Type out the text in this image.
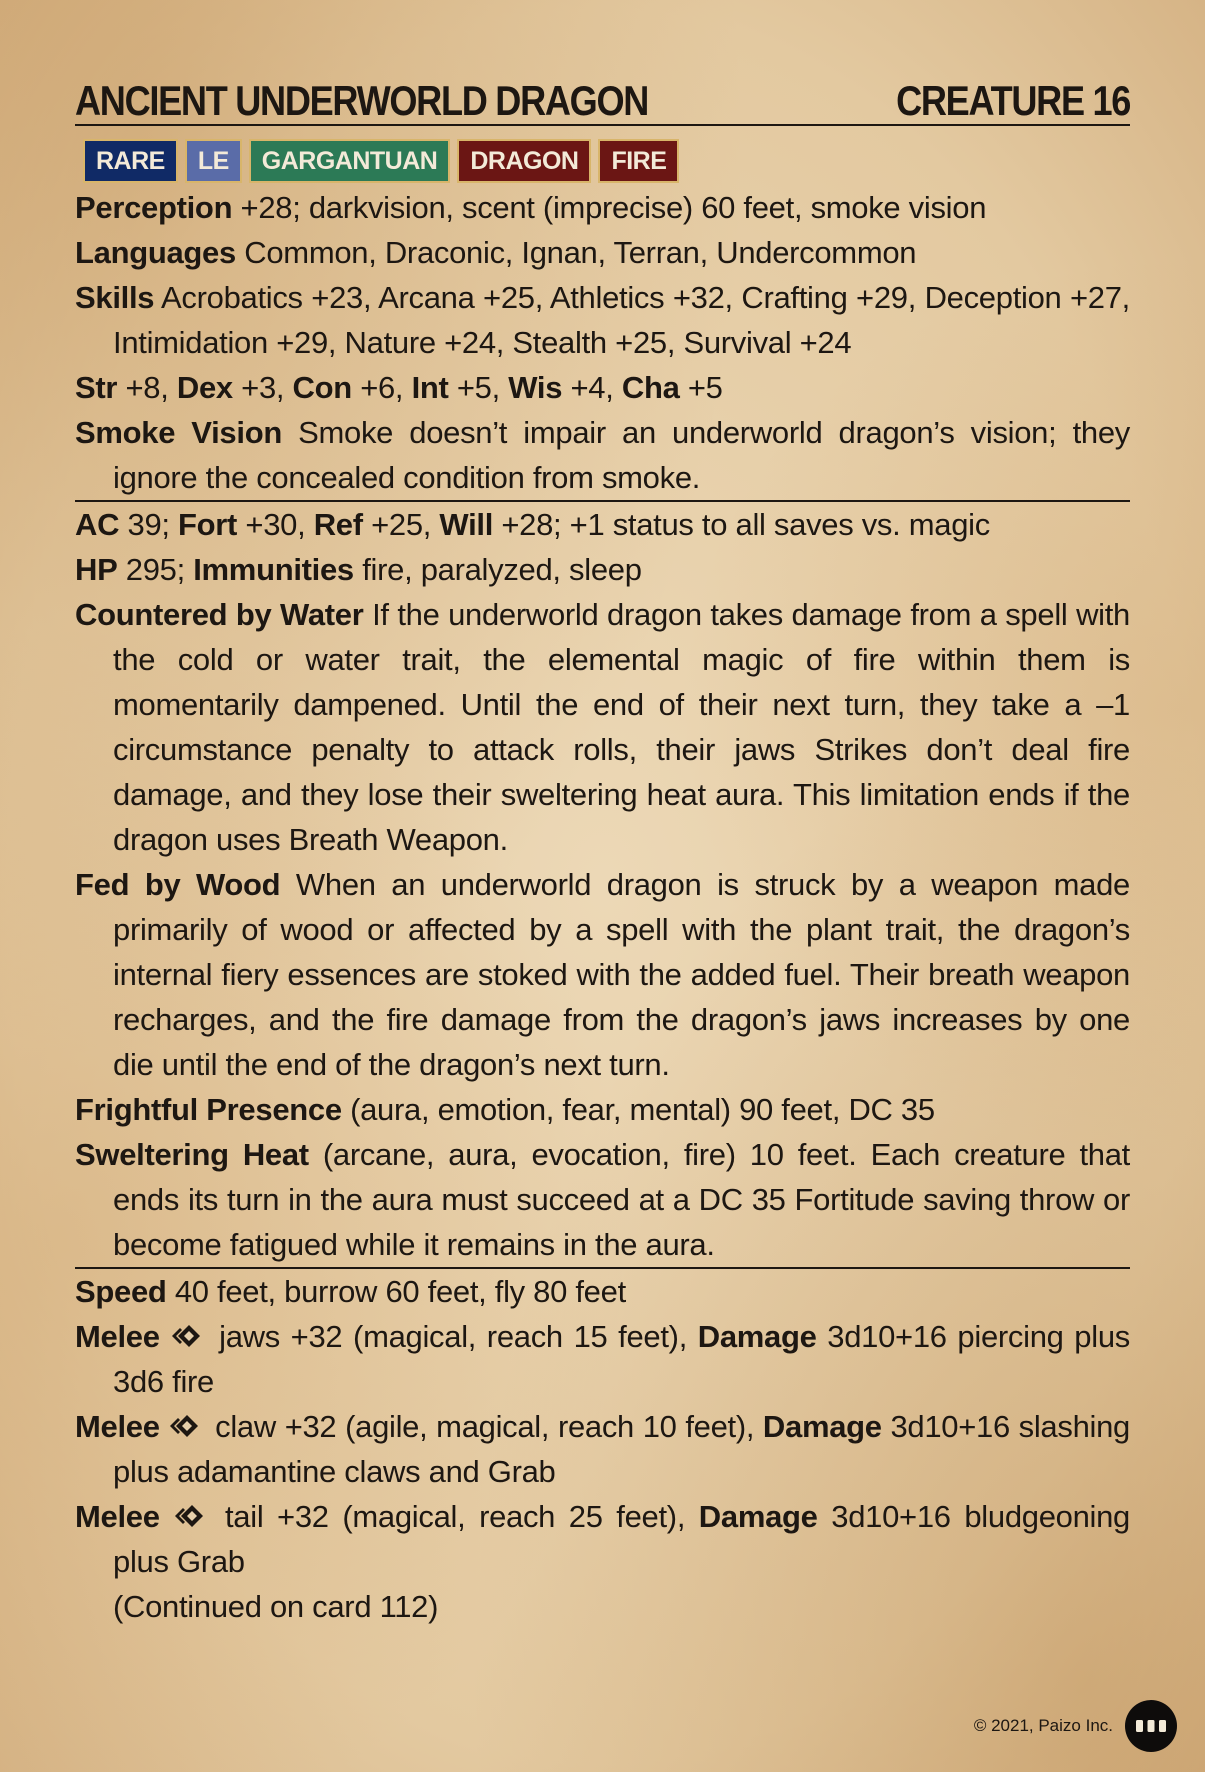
ANCIENT UNDERWORLD DRAGON	CREATURE 16
RARE	LE	GARGANTUAN	DRAGON	FIRE

Perception +28; darkvision, scent (imprecise) 60 feet, smoke vision

Languages Common, Draconic, Ignan, Terran, Undercommon

Skills Acrobatics +23, Arcana +25, Athletics +32, Crafting +29, Deception +27, Intimidation +29, Nature +24, Stealth +25, Survival +24

Str +8, Dex +3, Con +6, Int +5, Wis +4, Cha +5

Smoke Vision Smoke doesn’t impair an underworld dragon’s vision; they ignore the concealed condition from smoke.

AC 39; Fort +30, Ref +25, Will +28; +1 status to all saves vs. magic

HP 295; Immunities fire, paralyzed, sleep

Countered by Water If the underworld dragon takes damage from a spell with the cold or water trait, the elemental magic of fire within them is momentarily dampened. Until the end of their next turn, they take a –1 circumstance penalty to attack rolls, their jaws Strikes don’t deal fire damage, and they lose their sweltering heat aura. This limitation ends if the dragon uses Breath Weapon.

Fed by Wood When an underworld dragon is struck by a weapon made primarily of wood or affected by a spell with the plant trait, the dragon’s internal fiery essences are stoked with the added fuel. Their breath weapon recharges, and the fire damage from the dragon’s jaws increases by one die until the end of the dragon’s next turn.

Frightful Presence (aura, emotion, fear, mental) 90 feet, DC 35

Sweltering Heat (arcane, aura, evocation, fire) 10 feet. Each creature that ends its turn in the aura must succeed at a DC 35 Fortitude saving throw or become fatigued while it remains in the aura.

Speed 40 feet, burrow 60 feet, fly 80 feet

Melee  jaws +32 (magical, reach 15 feet), Damage 3d10+16 piercing plus 3d6 fire

Melee  claw +32 (agile, magical, reach 10 feet), Damage 3d10+16 slashing plus adamantine claws and Grab

Melee  tail +32 (magical, reach 25 feet), Damage 3d10+16 bludgeoning plus Grab

(Continued on card 112)

© 2021, Paizo Inc.
